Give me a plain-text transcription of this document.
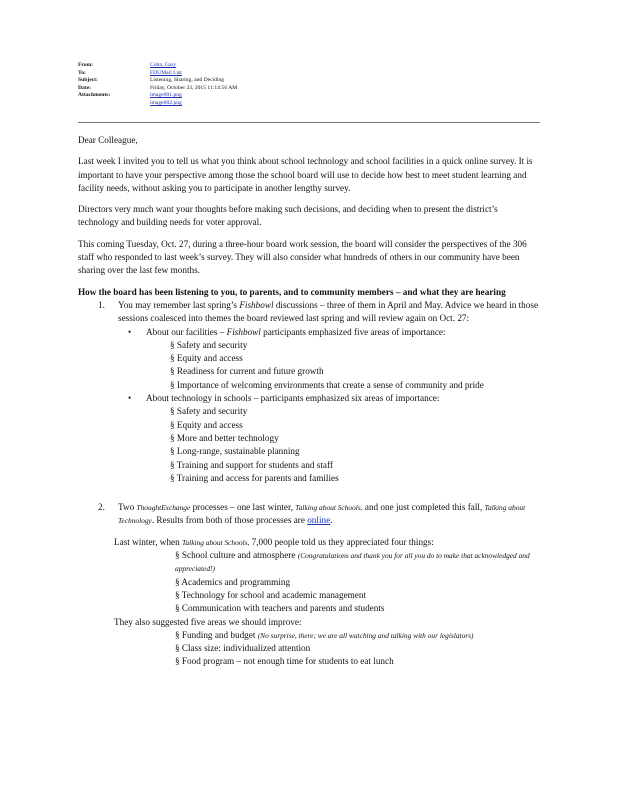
From:	Cohn, Gary
To:	FDUMail List
Subject:	Listening, Sharing, and Deciding
Date:	Friday, October 23, 2015 11:14:56 AM
Attachments:	image001.png
image002.png

Dear Colleague,

Last week I invited you to tell us what you think about school technology and school facilities in a quick online survey. It is important to have your perspective among those the school board will use to decide how best to meet student learning and facility needs, without asking you to participate in another lengthy survey.

Directors very much want your thoughts before making such decisions, and deciding when to present the district’s technology and building needs for voter approval.

This coming Tuesday, Oct. 27, during a three-hour board work session, the board will consider the perspectives of the 306 staff who responded to last week’s survey. They will also consider what hundreds of others in our community have been sharing over the last few months.

How the board has been listening to you, to parents, and to community members – and what they are hearing
1.	You may remember last spring’s Fishbowl discussions – three of them in April and May. Advice we heard in those sessions coalesced into themes the board reviewed last spring and will review again on Oct. 27:
•	About our facilities – Fishbowl participants emphasized five areas of importance:
§ Safety and security
§ Equity and access
§ Readiness for current and future growth
§ Importance of welcoming environments that create a sense of community and pride
•	About technology in schools – participants emphasized six areas of importance:
§ Safety and security
§ Equity and access
§ More and better technology
§ Long-range, sustainable planning
§ Training and support for students and staff
§ Training and access for parents and families
2.	Two ThoughtExchange processes – one last winter, Talking about Schools, and one just completed this fall, Talking about Technology. Results from both of those processes are online.
Last winter, when Talking about Schools, 7,000 people told us they appreciated four things:
§ School culture and atmosphere (Congratulations and thank you for all you do to make that acknowledged and appreciated!)
§ Academics and programming
§ Technology for school and academic management
§ Communication with teachers and parents and students
They also suggested five areas we should improve:
§ Funding and budget (No surprise, there; we are all watching and talking with our legislators)
§ Class size: individualized attention
§ Food program – not enough time for students to eat lunch
